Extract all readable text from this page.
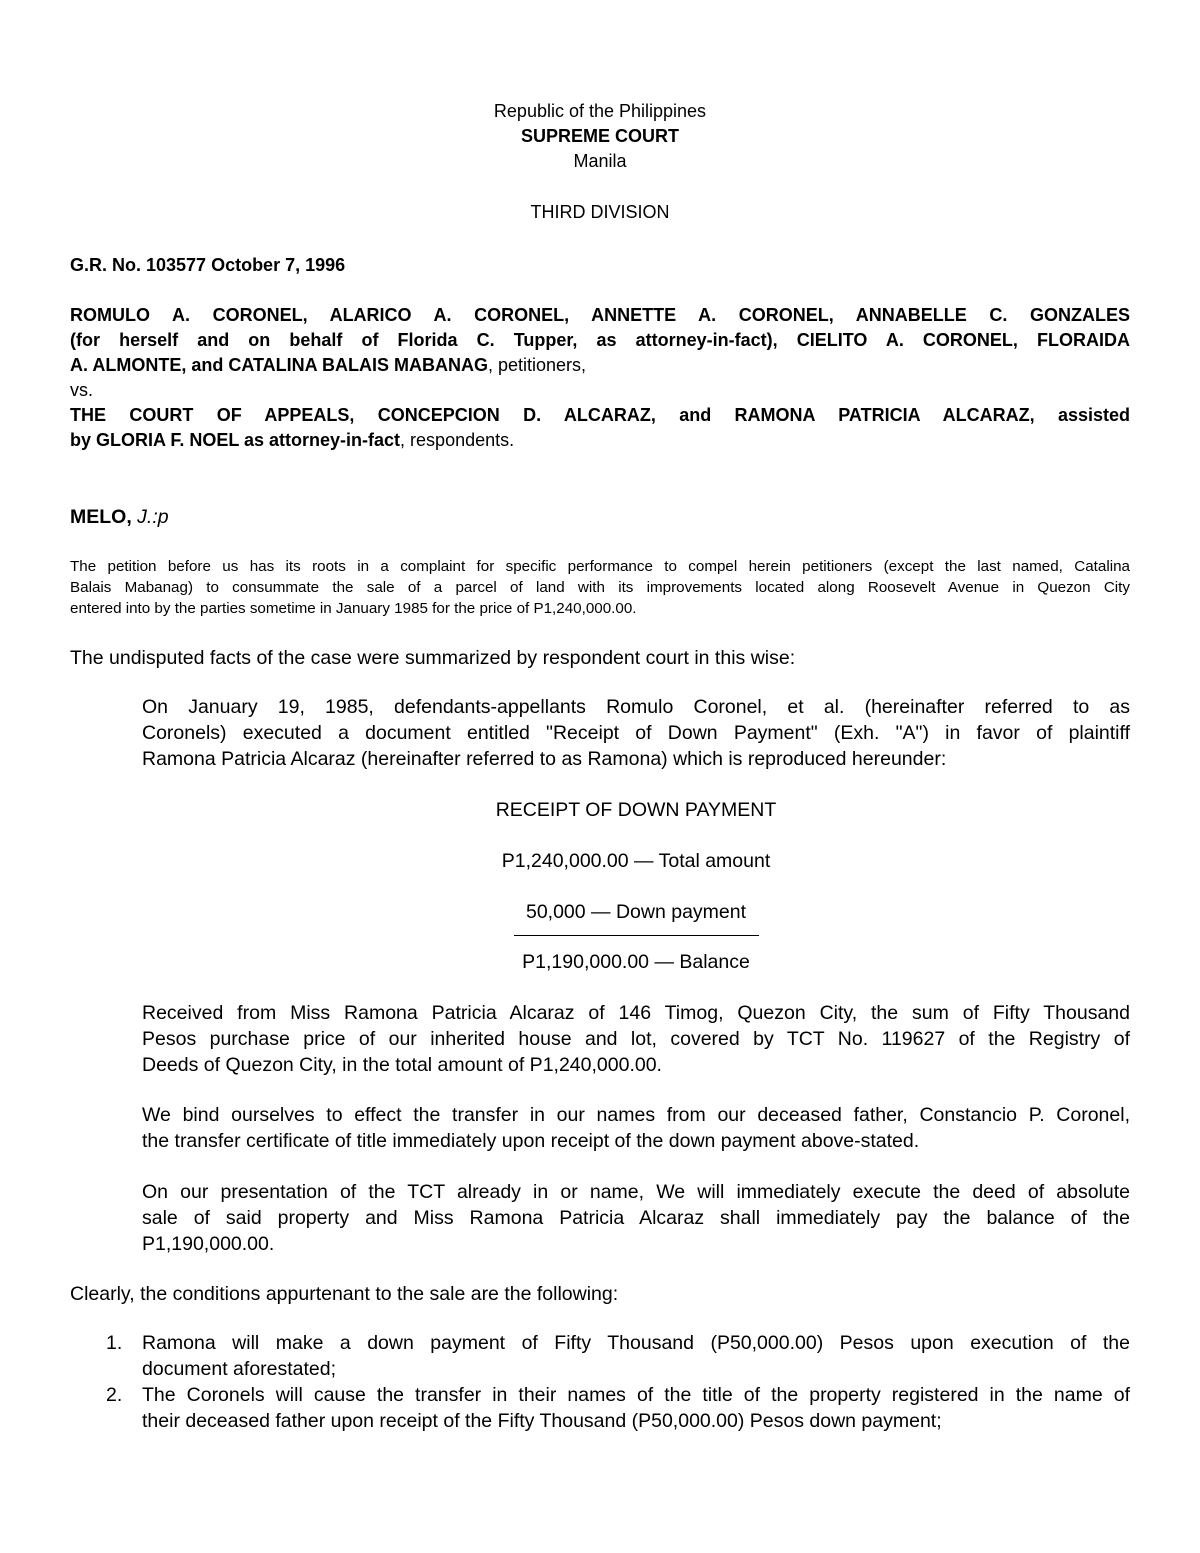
Republic of the Philippines
SUPREME COURT
Manila
THIRD DIVISION
G.R. No. 103577 October 7, 1996
ROMULO A. CORONEL, ALARICO A. CORONEL, ANNETTE A. CORONEL, ANNABELLE C. GONZALES
(for herself and on behalf of Florida C. Tupper, as attorney-in-fact), CIELITO A. CORONEL, FLORAIDA
A. ALMONTE, and CATALINA BALAIS MABANAG, petitioners,
vs.
THE COURT OF APPEALS, CONCEPCION D. ALCARAZ, and RAMONA PATRICIA ALCARAZ, assisted
by GLORIA F. NOEL as attorney-in-fact, respondents.
MELO, J.:p
The petition before us has its roots in a complaint for specific performance to compel herein petitioners (except the last named, Catalina
Balais Mabanag) to consummate the sale of a parcel of land with its improvements located along Roosevelt Avenue in Quezon City
entered into by the parties sometime in January 1985 for the price of P1,240,000.00.
The undisputed facts of the case were summarized by respondent court in this wise:
On January 19, 1985, defendants-appellants Romulo Coronel, et al. (hereinafter referred to as
Coronels) executed a document entitled "Receipt of Down Payment" (Exh. "A") in favor of plaintiff
Ramona Patricia Alcaraz (hereinafter referred to as Ramona) which is reproduced hereunder:
RECEIPT OF DOWN PAYMENT
P1,240,000.00 — Total amount
50,000 — Down payment
P1,190,000.00 — Balance
Received from Miss Ramona Patricia Alcaraz of 146 Timog, Quezon City, the sum of Fifty Thousand
Pesos purchase price of our inherited house and lot, covered by TCT No. 119627 of the Registry of
Deeds of Quezon City, in the total amount of P1,240,000.00.
We bind ourselves to effect the transfer in our names from our deceased father, Constancio P. Coronel,
the transfer certificate of title immediately upon receipt of the down payment above-stated.
On our presentation of the TCT already in or name, We will immediately execute the deed of absolute
sale of said property and Miss Ramona Patricia Alcaraz shall immediately pay the balance of the
P1,190,000.00.
Clearly, the conditions appurtenant to the sale are the following:
1.	Ramona will make a down payment of Fifty Thousand (P50,000.00) Pesos upon execution of the
document aforestated;
2.	The Coronels will cause the transfer in their names of the title of the property registered in the name of
their deceased father upon receipt of the Fifty Thousand (P50,000.00) Pesos down payment;
